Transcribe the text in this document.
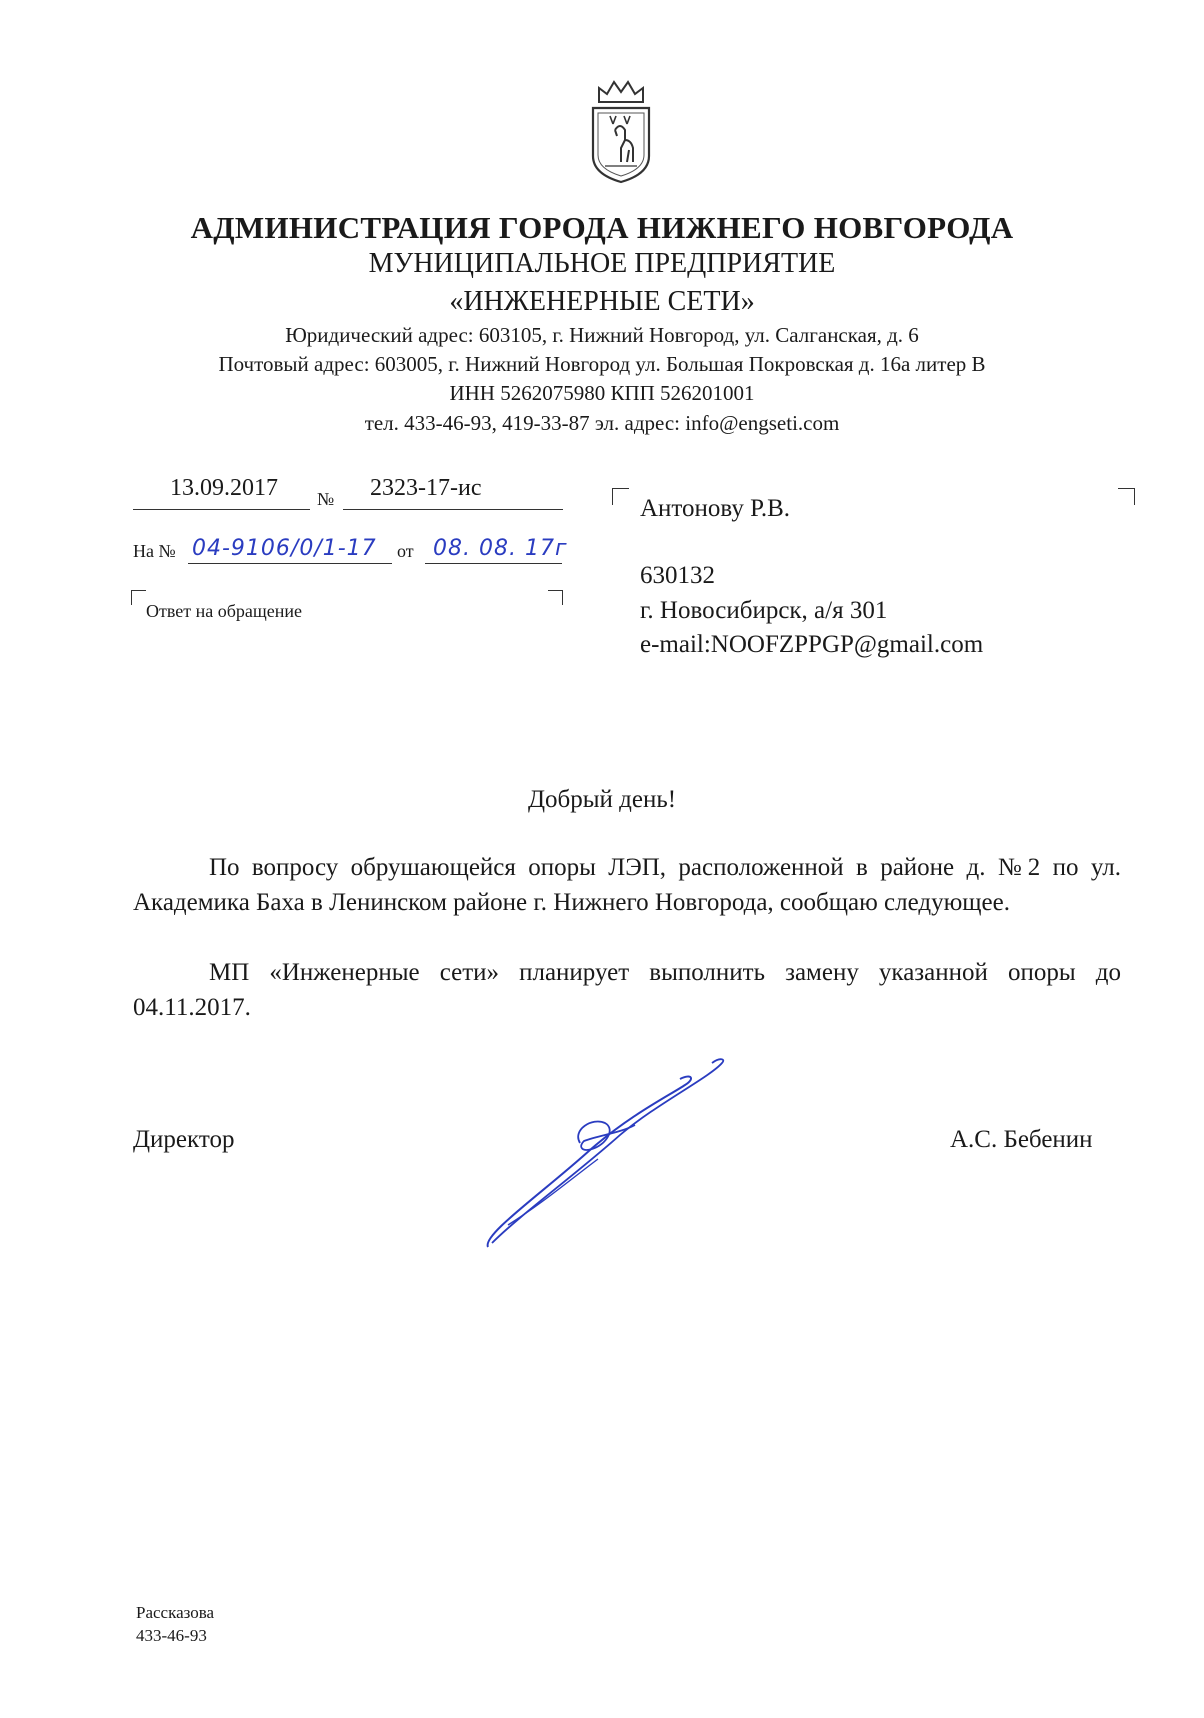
АДМИНИСТРАЦИЯ ГОРОДА НИЖНЕГО НОВГОРОДА
МУНИЦИПАЛЬНОЕ ПРЕДПРИЯТИЕ
«ИНЖЕНЕРНЫЕ СЕТИ»
Юридический адрес: 603105, г. Нижний Новгород, ул. Салганская, д. 6
Почтовый адрес: 603005, г. Нижний Новгород ул. Большая Покровская д. 16а литер В
ИНН 5262075980 КПП 526201001
тел. 433-46-93, 419-33-87 эл. адрес: info@engseti.com
13.09.2017 № 2323-17-ис
На № 04-9106/0/1-17 от 08. 08. 17г
Ответ на обращение
Антонову Р.В.
630132
г. Новосибирск, а/я 301
e-mail:NOOFZPPGP@gmail.com
Добрый день!
По вопросу обрушающейся опоры ЛЭП, расположенной в районе д. №2 по ул. Академика Баха в Ленинском районе г. Нижнего Новгорода, сообщаю следующее.
МП «Инженерные сети» планирует выполнить замену указанной опоры до 04.11.2017.
Директор	А.С. Бебенин
Рассказова
433-46-93
